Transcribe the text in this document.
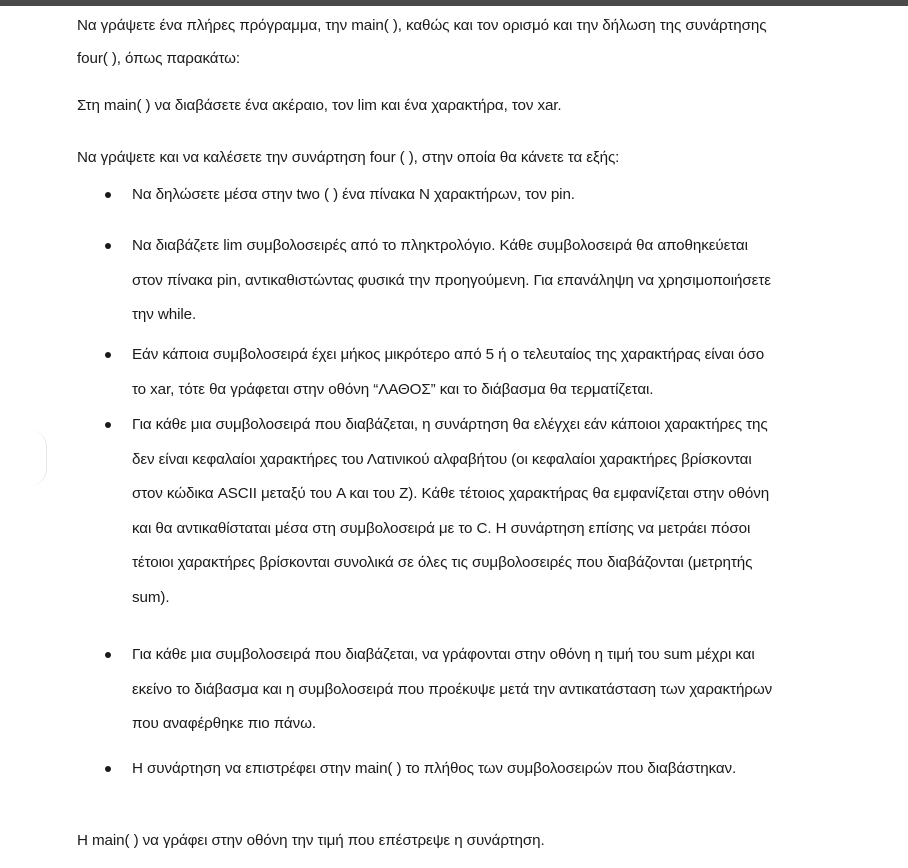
Να γράψετε ένα πλήρες πρόγραμμα, την main( ), καθώς και τον ορισμό και την δήλωση της συνάρτησης
four( ), όπως παρακάτω:

Στη main( ) να διαβάσετε ένα ακέραιο, τον lim και ένα χαρακτήρα, τον xar.

Να γράψετε και να καλέσετε την συνάρτηση four ( ), στην οποία θα κάνετε τα εξής:

Να δηλώσετε μέσα στην two ( ) ένα πίνακα N χαρακτήρων, τον pin.
Να διαβάζετε lim συμβολοσειρές από το πληκτρολόγιο. Κάθε συμβολοσειρά θα αποθηκεύεται
στον πίνακα pin, αντικαθιστώντας φυσικά την προηγούμενη. Για επανάληψη να χρησιμοποιήσετε
την while.
Εάν κάποια συμβολοσειρά έχει μήκος μικρότερο από 5 ή ο τελευταίος της χαρακτήρας είναι όσο
το xar, τότε θα γράφεται στην οθόνη “ΛΑΘΟΣ” και το διάβασμα θα τερματίζεται.
Για κάθε μια συμβολοσειρά που διαβάζεται, η συνάρτηση θα ελέγχει εάν κάποιοι χαρακτήρες της
δεν είναι κεφαλαίοι χαρακτήρες του Λατινικού αλφαβήτου (οι κεφαλαίοι χαρακτήρες βρίσκονται
στον κώδικα ASCII μεταξύ του A και του Z). Κάθε τέτοιος χαρακτήρας θα εμφανίζεται στην οθόνη
και θα αντικαθίσταται μέσα στη συμβολοσειρά με το C. Η συνάρτηση επίσης να μετράει πόσοι
τέτοιοι χαρακτήρες βρίσκονται συνολικά σε όλες τις συμβολοσειρές που διαβάζονται (μετρητής
sum).
Για κάθε μια συμβολοσειρά που διαβάζεται, να γράφονται στην οθόνη η τιμή του sum μέχρι και
εκείνο το διάβασμα και η συμβολοσειρά που προέκυψε μετά την αντικατάσταση των χαρακτήρων
που αναφέρθηκε πιο πάνω.
Η συνάρτηση να επιστρέφει στην main( ) το πλήθος των συμβολοσειρών που διαβάστηκαν.

Η main( ) να γράφει στην οθόνη την τιμή που επέστρεψε η συνάρτηση.
